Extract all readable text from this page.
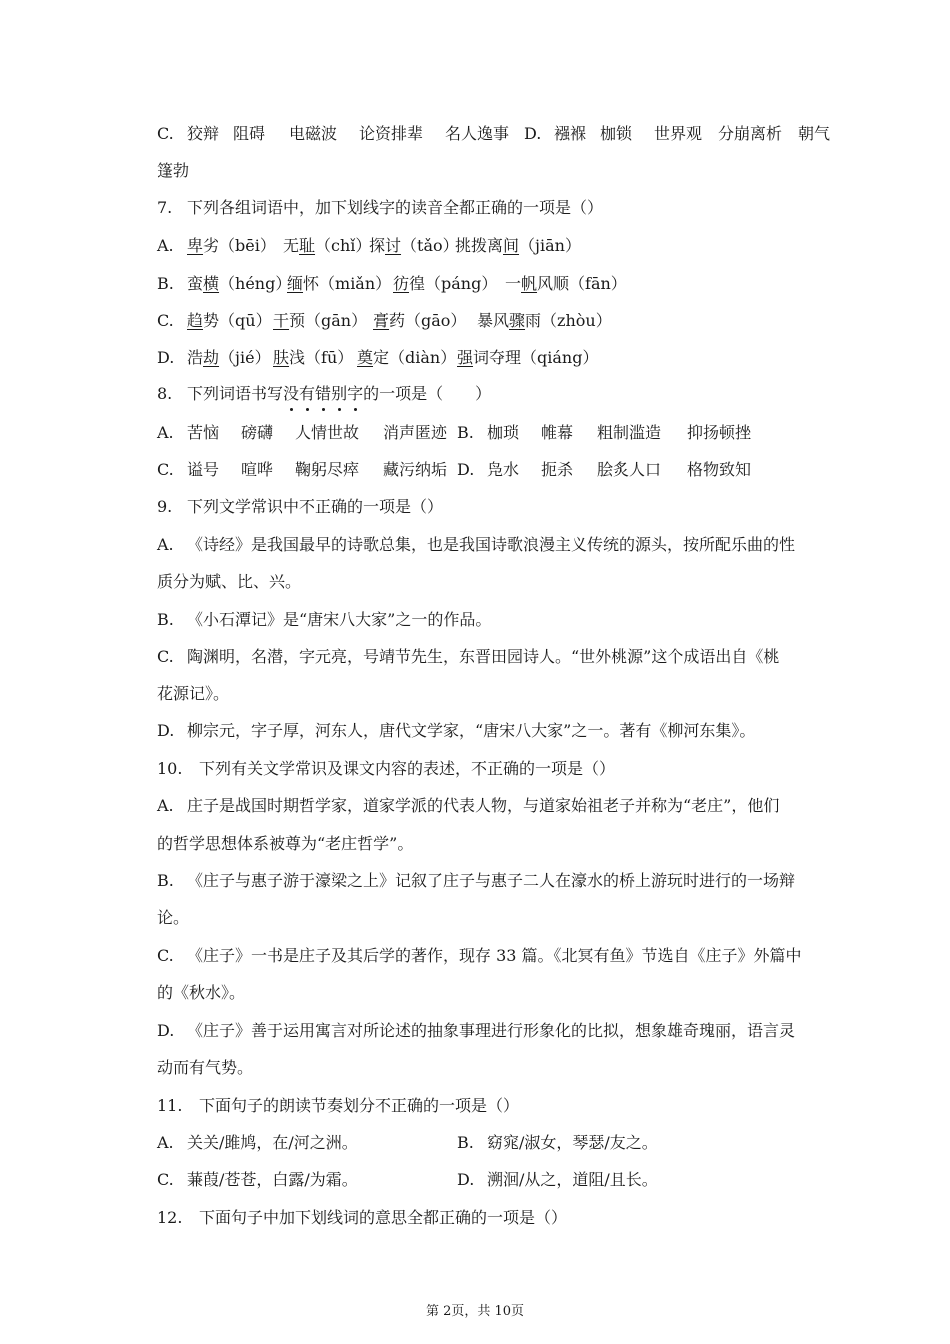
C. 狡辩 阻碍 电磁波 论资排辈 名人逸事 D. 襁褓 枷锁 世界观 分崩离析 朝气
篷勃
7. 下列各组词语中，加下划线字的读音全都正确的一项是（）
A. 卑劣（bēi） 无耻（chǐ）探讨（tǎo）挑拨离间（jiān）
B. 蛮横（héng）缅怀（miǎn） 彷徨（páng） 一帆风顺（fān）
C. 趋势（qū）干预（gān） 膏药（gāo） 暴风骤雨（zhòu）
D. 浩劫（jié） 肤浅（fū） 奠定（diàn）强词夺理（qiáng）
8. 下列词语书写没有错别字的一项是（　　）
A. 苦恼 磅礴 人情世故 消声匿迹 B. 枷琐 帷幕 粗制滥造 抑扬顿挫
C. 谥号 喧哗 鞠躬尽瘁 藏污纳垢 D. 凫水 扼杀 脍炙人口 格物致知
9. 下列文学常识中不正确的一项是（）
A. 《诗经》是我国最早的诗歌总集，也是我国诗歌浪漫主义传统的源头，按所配乐曲的性
质分为赋、比、兴。
B. 《小石潭记》是“唐宋八大家”之一的作品。
C. 陶渊明，名潜，字元亮，号靖节先生，东晋田园诗人。“世外桃源”这个成语出自《桃
花源记》。
D. 柳宗元，字子厚，河东人，唐代文学家，“唐宋八大家”之一。著有《柳河东集》。
10. 下列有关文学常识及课文内容的表述，不正确的一项是（）
A. 庄子是战国时期哲学家，道家学派的代表人物，与道家始祖老子并称为“老庄”，他们
的哲学思想体系被尊为“老庄哲学”。
B. 《庄子与惠子游于濠梁之上》记叙了庄子与惠子二人在濠水的桥上游玩时进行的一场辩
论。
C. 《庄子》一书是庄子及其后学的著作，现存 33 篇。《北冥有鱼》节选自《庄子》外篇中
的《秋水》。
D. 《庄子》善于运用寓言对所论述的抽象事理进行形象化的比拟，想象雄奇瑰丽，语言灵
动而有气势。
11. 下面句子的朗读节奏划分不正确的一项是（）
A. 关关/雎鸠，在/河之洲。	B. 窈窕/淑女，琴瑟/友之。
C. 蒹葭/苍苍，白露/为霜。	D. 溯洄/从之，道阻/且长。
12. 下面句子中加下划线词的意思全都正确的一项是（）
第 2页，共 10页
